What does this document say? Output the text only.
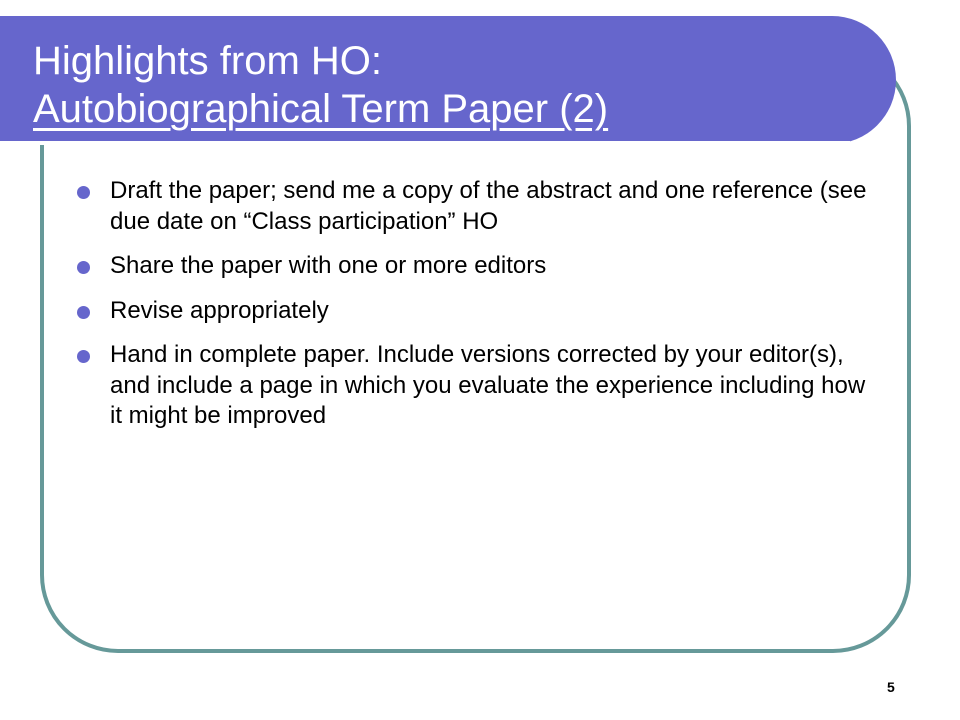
Highlights from HO:
Autobiographical Term Paper (2)
Draft the paper; send me a copy of the abstract and one reference (see due date on “Class participation” HO
Share the paper with one or more editors
Revise appropriately
Hand in complete paper. Include versions corrected by your editor(s), and include a page in which you evaluate the experience including how it might be improved
5
